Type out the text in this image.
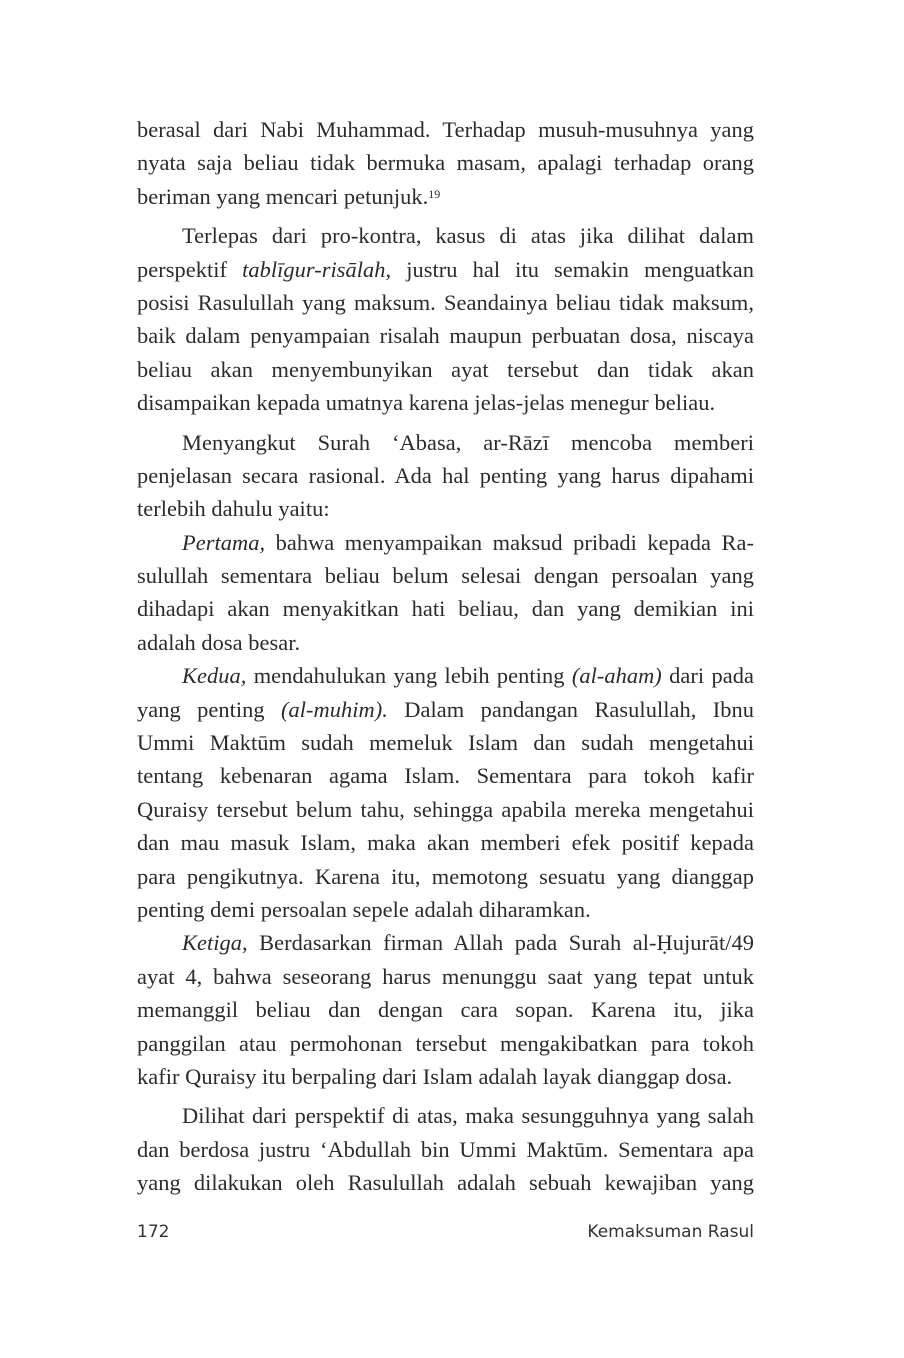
berasal dari Nabi Muhammad. Terhadap musuh-musuhnya yang
nyata saja beliau tidak bermuka masam, apalagi terhadap orang
beriman yang mencari petunjuk.$^{19}$
Terlepas dari pro-kontra, kasus di atas jika dilihat dalam
perspektif tablīgur-risālah, justru hal itu semakin menguatkan
posisi Rasulullah yang maksum. Seandainya beliau tidak maksum,
baik dalam penyampaian risalah maupun perbuatan dosa, niscaya
beliau akan menyembunyikan ayat tersebut dan tidak akan
disampaikan kepada umatnya karena jelas-jelas menegur beliau.
Menyangkut Surah ‘Abasa, ar-Rāzī mencoba memberi
penjelasan secara rasional. Ada hal penting yang harus dipahami
terlebih dahulu yaitu:
Pertama, bahwa menyampaikan maksud pribadi kepada Ra-
sulullah sementara beliau belum selesai dengan persoalan yang
dihadapi akan menyakitkan hati beliau, dan yang demikian ini
adalah dosa besar.
Kedua, mendahulukan yang lebih penting (al-aham) dari pada
yang penting (al-muhim). Dalam pandangan Rasulullah, Ibnu
Ummi Maktūm sudah memeluk Islam dan sudah mengetahui
tentang kebenaran agama Islam. Sementara para tokoh kafir
Quraisy tersebut belum tahu, sehingga apabila mereka mengetahui
dan mau masuk Islam, maka akan memberi efek positif kepada
para pengikutnya. Karena itu, memotong sesuatu yang dianggap
penting demi persoalan sepele adalah diharamkan.
Ketiga, Berdasarkan firman Allah pada Surah al-Ḥujurāt/49
ayat 4, bahwa seseorang harus menunggu saat yang tepat untuk
memanggil beliau dan dengan cara sopan. Karena itu, jika
panggilan atau permohonan tersebut mengakibatkan para tokoh
kafir Quraisy itu berpaling dari Islam adalah layak dianggap dosa.
Dilihat dari perspektif di atas, maka sesungguhnya yang salah
dan berdosa justru ‘Abdullah bin Ummi Maktūm. Sementara apa
yang dilakukan oleh Rasulullah adalah sebuah kewajiban yang
172	Kemaksuman Rasul
